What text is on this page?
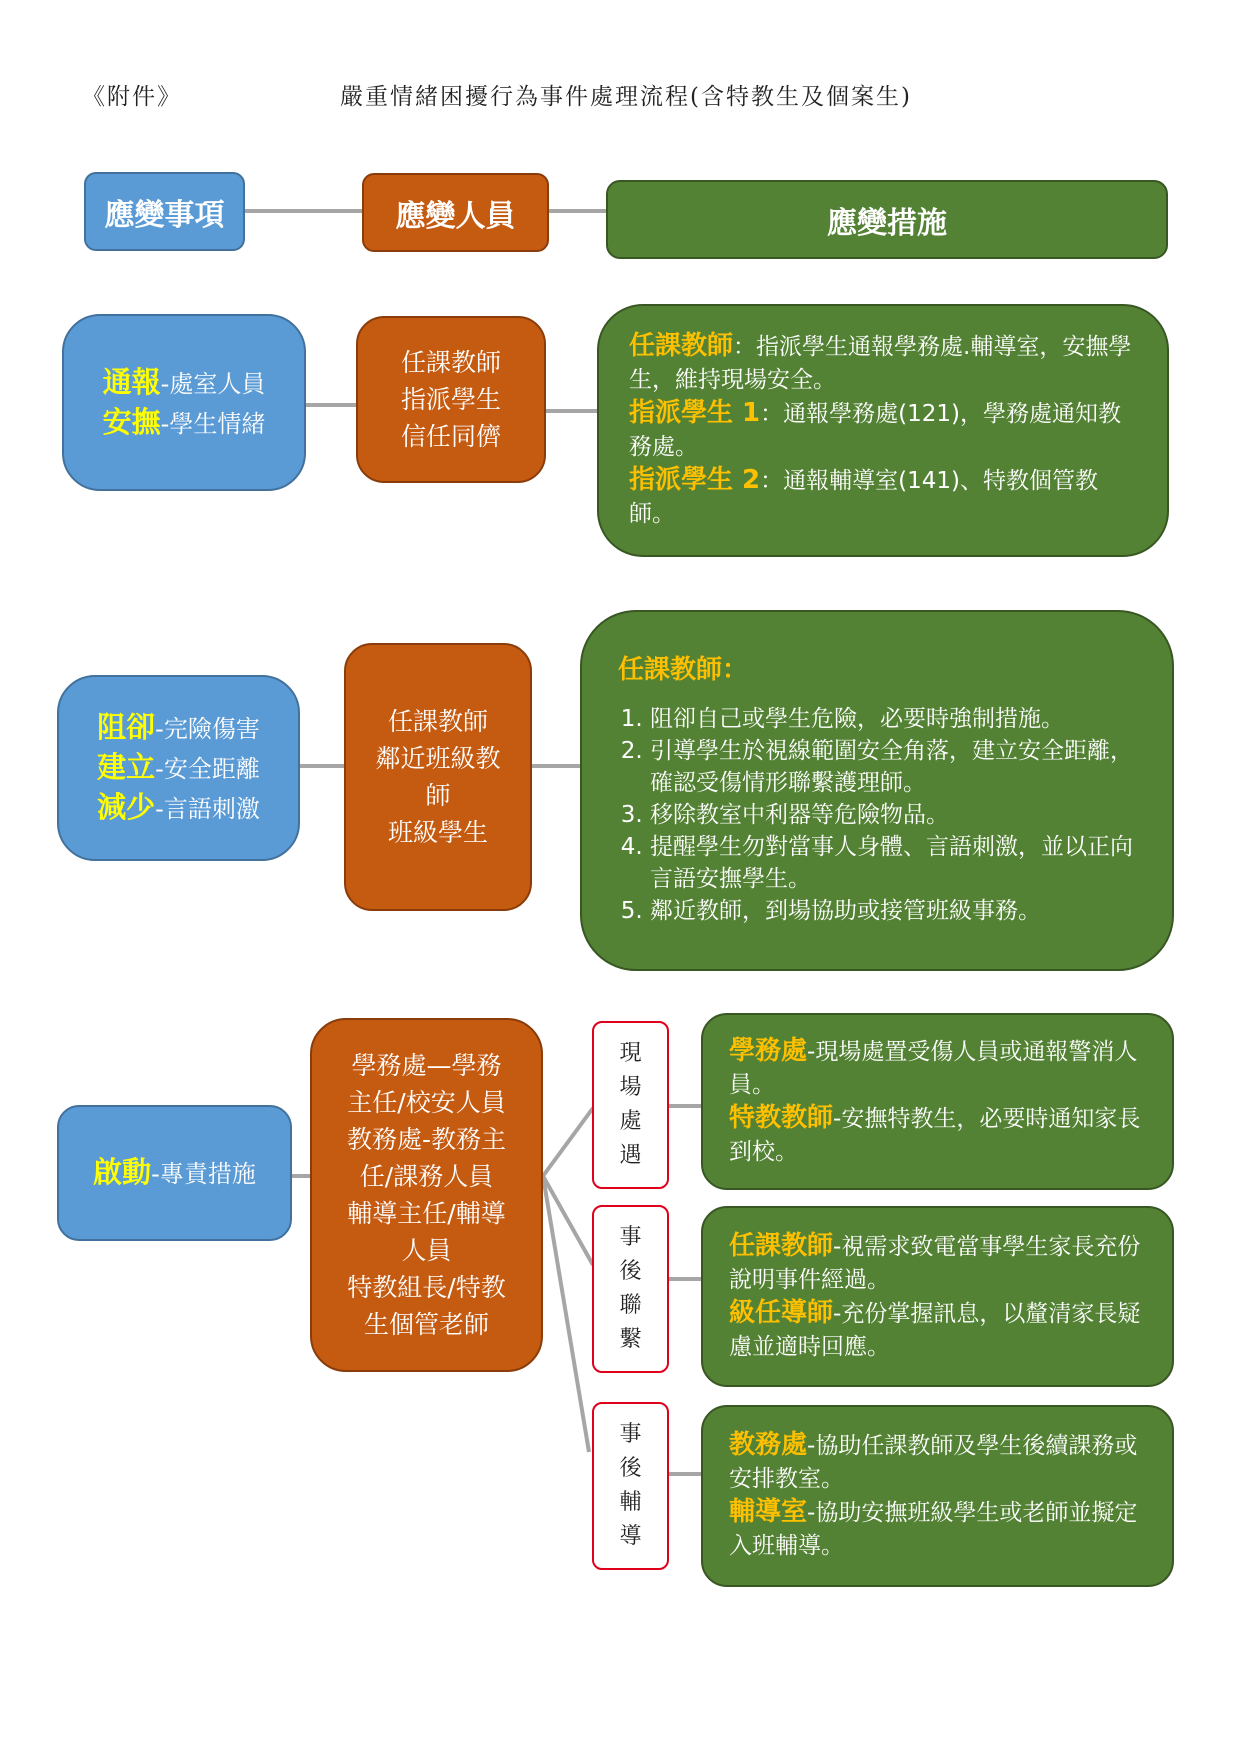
《附件》	嚴重情緒困擾行為事件處理流程(含特教生及個案生)
應變事項	應變人員	應變措施
通報-處室人員
安撫-學生情緒
任課教師
指派學生
信任同儕
任課教師：指派學生通報學務處.輔導室，安撫學生，維持現場安全。
指派學生 1：通報學務處(121)，學務處通知教務處。
指派學生 2：通報輔導室(141)、特教個管教師。
阻卻-完險傷害
建立-安全距離
減少-言語刺激
任課教師
鄰近班級教
師
班級學生
任課教師：
1. 阻卻自己或學生危險，必要時強制措施。
2. 引導學生於視線範圍安全角落，建立安全距離，確認受傷情形聯繫護理師。
3. 移除教室中利器等危險物品。
4. 提醒學生勿對當事人身體、言語刺激，並以正向言語安撫學生。
5. 鄰近教師，到場協助或接管班級事務。
啟動-專責措施
學務處—學務
主任/校安人員
教務處-教務主
任/課務人員
輔導主任/輔導
人員
特教組長/特教
生個管老師
現
場
處
遇
事
後
聯
繫
事
後
輔
導
學務處-現場處置受傷人員或通報警消人員。
特教教師-安撫特教生，必要時通知家長到校。
任課教師-視需求致電當事學生家長充份說明事件經過。
級任導師-充份掌握訊息，以釐清家長疑慮並適時回應。
教務處-協助任課教師及學生後續課務或安排教室。
輔導室-協助安撫班級學生或老師並擬定入班輔導。
